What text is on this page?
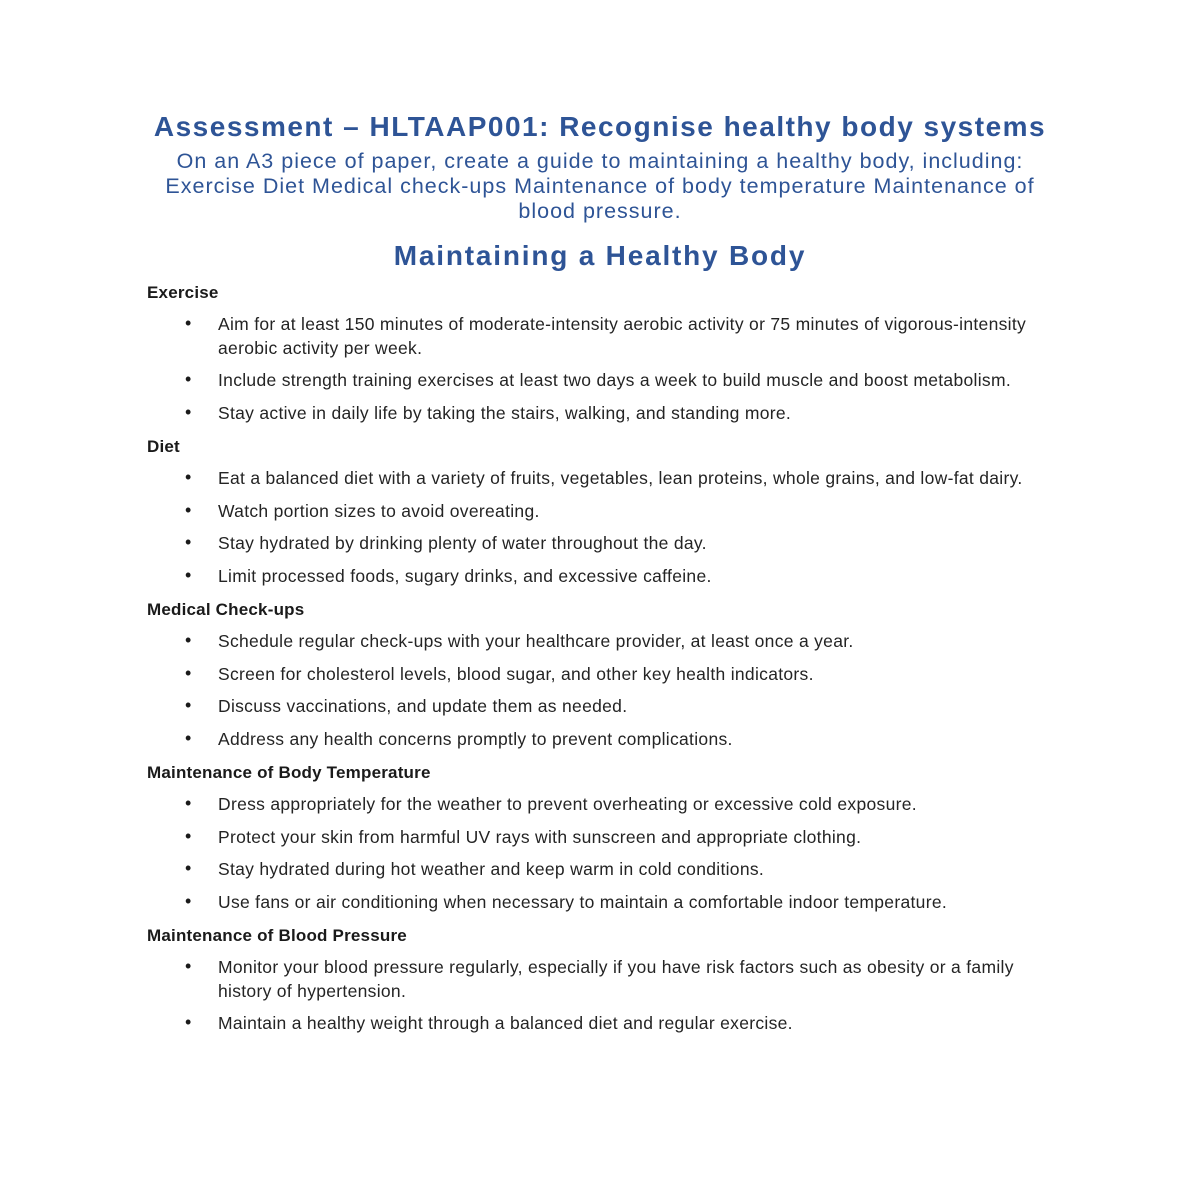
Assessment – HLTAAP001: Recognise healthy body systems

On an A3 piece of paper, create a guide to maintaining a healthy body, including: Exercise Diet Medical check-ups Maintenance of body temperature Maintenance of blood pressure.

Maintaining a Healthy Body
Exercise
• Aim for at least 150 minutes of moderate-intensity aerobic activity or 75 minutes of vigorous-intensity aerobic activity per week.
• Include strength training exercises at least two days a week to build muscle and boost metabolism.
• Stay active in daily life by taking the stairs, walking, and standing more.
Diet
• Eat a balanced diet with a variety of fruits, vegetables, lean proteins, whole grains, and low-fat dairy.
• Watch portion sizes to avoid overeating.
• Stay hydrated by drinking plenty of water throughout the day.
• Limit processed foods, sugary drinks, and excessive caffeine.
Medical Check-ups
• Schedule regular check-ups with your healthcare provider, at least once a year.
• Screen for cholesterol levels, blood sugar, and other key health indicators.
• Discuss vaccinations, and update them as needed.
• Address any health concerns promptly to prevent complications.
Maintenance of Body Temperature
• Dress appropriately for the weather to prevent overheating or excessive cold exposure.
• Protect your skin from harmful UV rays with sunscreen and appropriate clothing.
• Stay hydrated during hot weather and keep warm in cold conditions.
• Use fans or air conditioning when necessary to maintain a comfortable indoor temperature.
Maintenance of Blood Pressure
• Monitor your blood pressure regularly, especially if you have risk factors such as obesity or a family history of hypertension.
• Maintain a healthy weight through a balanced diet and regular exercise.
